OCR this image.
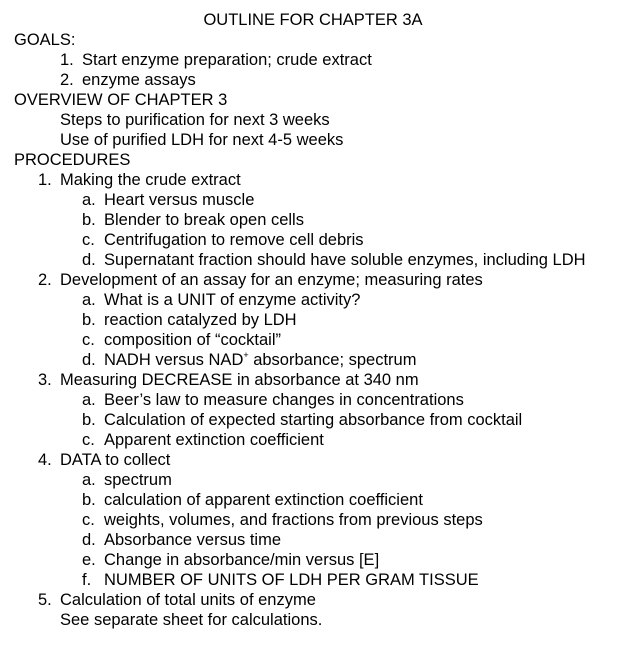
OUTLINE FOR CHAPTER 3A
GOALS:
1. Start enzyme preparation; crude extract
2. enzyme assays
OVERVIEW OF CHAPTER 3
Steps to purification for next 3 weeks
Use of purified LDH for next 4-5 weeks
PROCEDURES
1. Making the crude extract
a. Heart versus muscle
b. Blender to break open cells
c. Centrifugation to remove cell debris
d. Supernatant fraction should have soluble enzymes, including LDH
2. Development of an assay for an enzyme; measuring rates
a. What is a UNIT of enzyme activity?
b. reaction catalyzed by LDH
c. composition of “cocktail”
d. NADH versus NAD+ absorbance; spectrum
3. Measuring DECREASE in absorbance at 340 nm
a. Beer’s law to measure changes in concentrations
b. Calculation of expected starting absorbance from cocktail
c. Apparent extinction coefficient
4. DATA to collect
a. spectrum
b. calculation of apparent extinction coefficient
c. weights, volumes, and fractions from previous steps
d. Absorbance versus time
e. Change in absorbance/min versus [E]
f. NUMBER OF UNITS OF LDH PER GRAM TISSUE
5. Calculation of total units of enzyme
See separate sheet for calculations.
